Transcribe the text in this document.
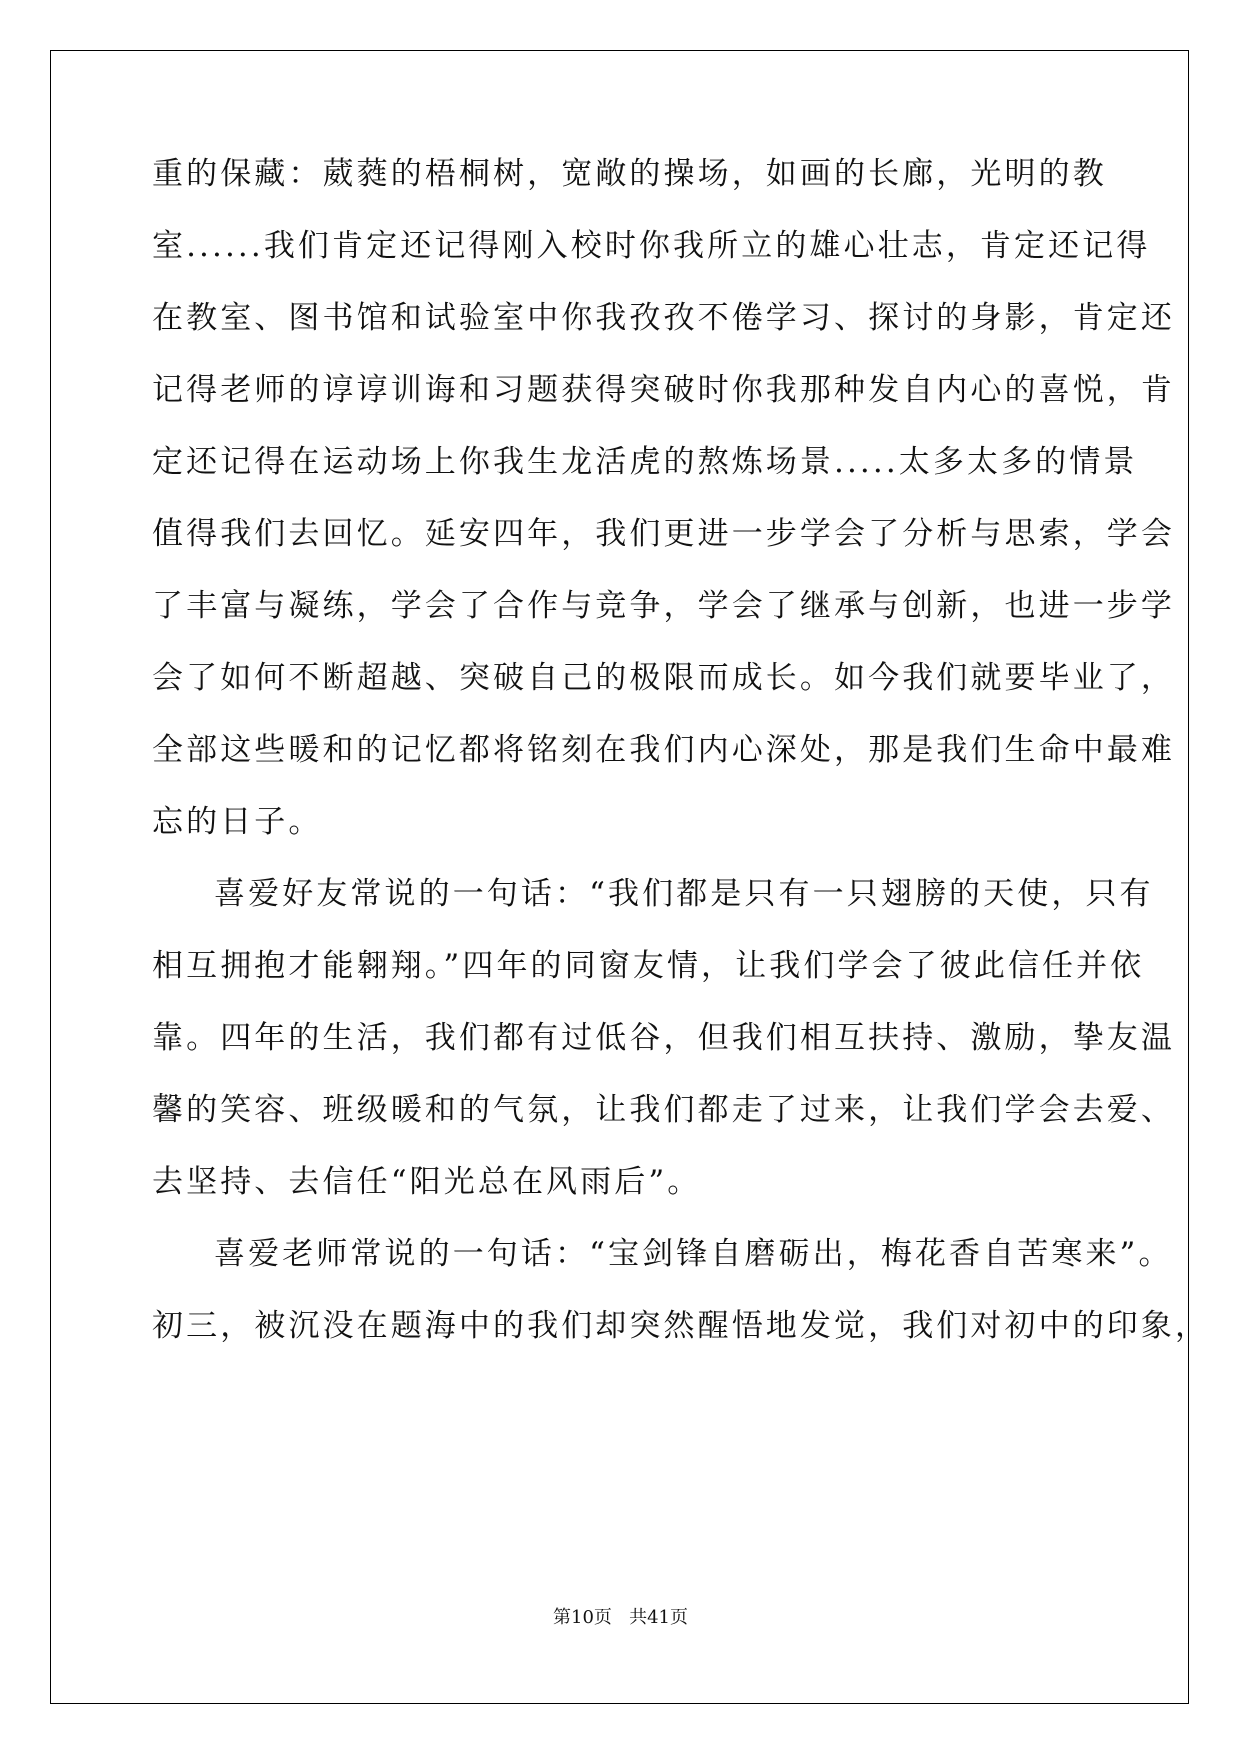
重的保藏：葳蕤的梧桐树，宽敞的操场，如画的长廊，光明的教

室......我们肯定还记得刚入校时你我所立的雄心壮志，肯定还记得

在教室、图书馆和试验室中你我孜孜不倦学习、探讨的身影，肯定还

记得老师的谆谆训诲和习题获得突破时你我那种发自内心的喜悦，肯

定还记得在运动场上你我生龙活虎的熬炼场景.....太多太多的情景

值得我们去回忆。延安四年，我们更进一步学会了分析与思索，学会

了丰富与凝练，学会了合作与竞争，学会了继承与创新，也进一步学

会了如何不断超越、突破自己的极限而成长。如今我们就要毕业了，

全部这些暖和的记忆都将铭刻在我们内心深处，那是我们生命中最难

忘的日子。

喜爱好友常说的一句话：“我们都是只有一只翅膀的天使，只有

相互拥抱才能翱翔。”四年的同窗友情，让我们学会了彼此信任并依

靠。四年的生活，我们都有过低谷，但我们相互扶持、激励，挚友温

馨的笑容、班级暖和的气氛，让我们都走了过来，让我们学会去爱、

去坚持、去信任“阳光总在风雨后”。

喜爱老师常说的一句话：“宝剑锋自磨砺出，梅花香自苦寒来”。

初三，被沉没在题海中的我们却突然醒悟地发觉，我们对初中的印象，

第10页   共41页
